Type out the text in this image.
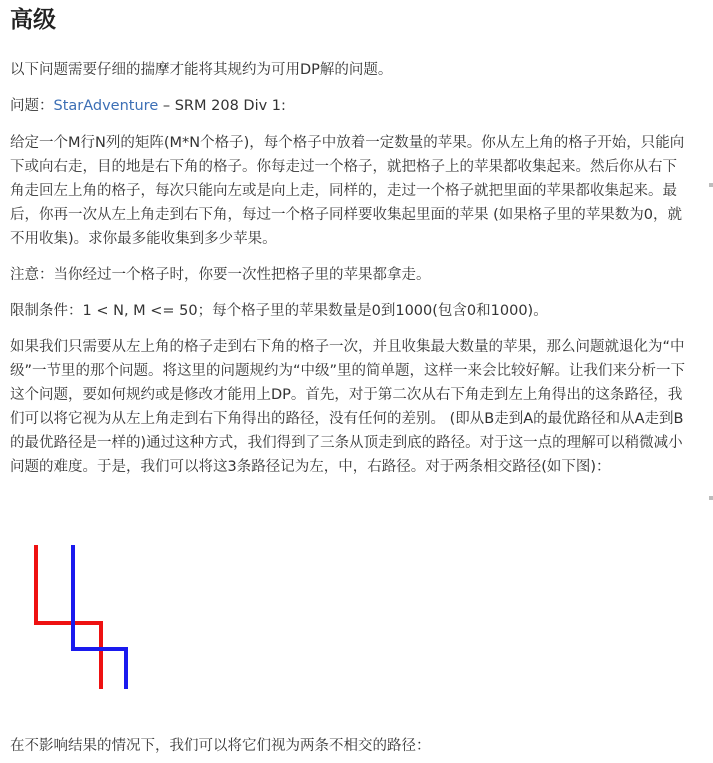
高级

以下问题需要仔细的揣摩才能将其规约为可用DP解的问题。

问题：StarAdventure – SRM 208 Div 1:

给定一个M行N列的矩阵(M*N个格子)，每个格子中放着一定数量的苹果。你从左上角的格子开始，只能向下或向右走，目的地是右下角的格子。你每走过一个格子，就把格子上的苹果都收集起来。然后你从右下角走回左上角的格子，每次只能向左或是向上走，同样的，走过一个格子就把里面的苹果都收集起来。最后，你再一次从左上角走到右下角，每过一个格子同样要收集起里面的苹果 (如果格子里的苹果数为0，就不用收集)。求你最多能收集到多少苹果。

注意：当你经过一个格子时，你要一次性把格子里的苹果都拿走。

限制条件：1 < N, M <= 50；每个格子里的苹果数量是0到1000(包含0和1000)。

如果我们只需要从左上角的格子走到右下角的格子一次，并且收集最大数量的苹果，那么问题就退化为“中级”一节里的那个问题。将这里的问题规约为“中级”里的简单题，这样一来会比较好解。让我们来分析一下这个问题，要如何规约或是修改才能用上DP。首先，对于第二次从右下角走到左上角得出的这条路径，我们可以将它视为从左上角走到右下角得出的路径，没有任何的差别。 (即从B走到A的最优路径和从A走到B的最优路径是一样的)通过这种方式，我们得到了三条从顶走到底的路径。对于这一点的理解可以稍微减小问题的难度。于是，我们可以将这3条路径记为左，中，右路径。对于两条相交路径(如下图)：

在不影响结果的情况下，我们可以将它们视为两条不相交的路径：
